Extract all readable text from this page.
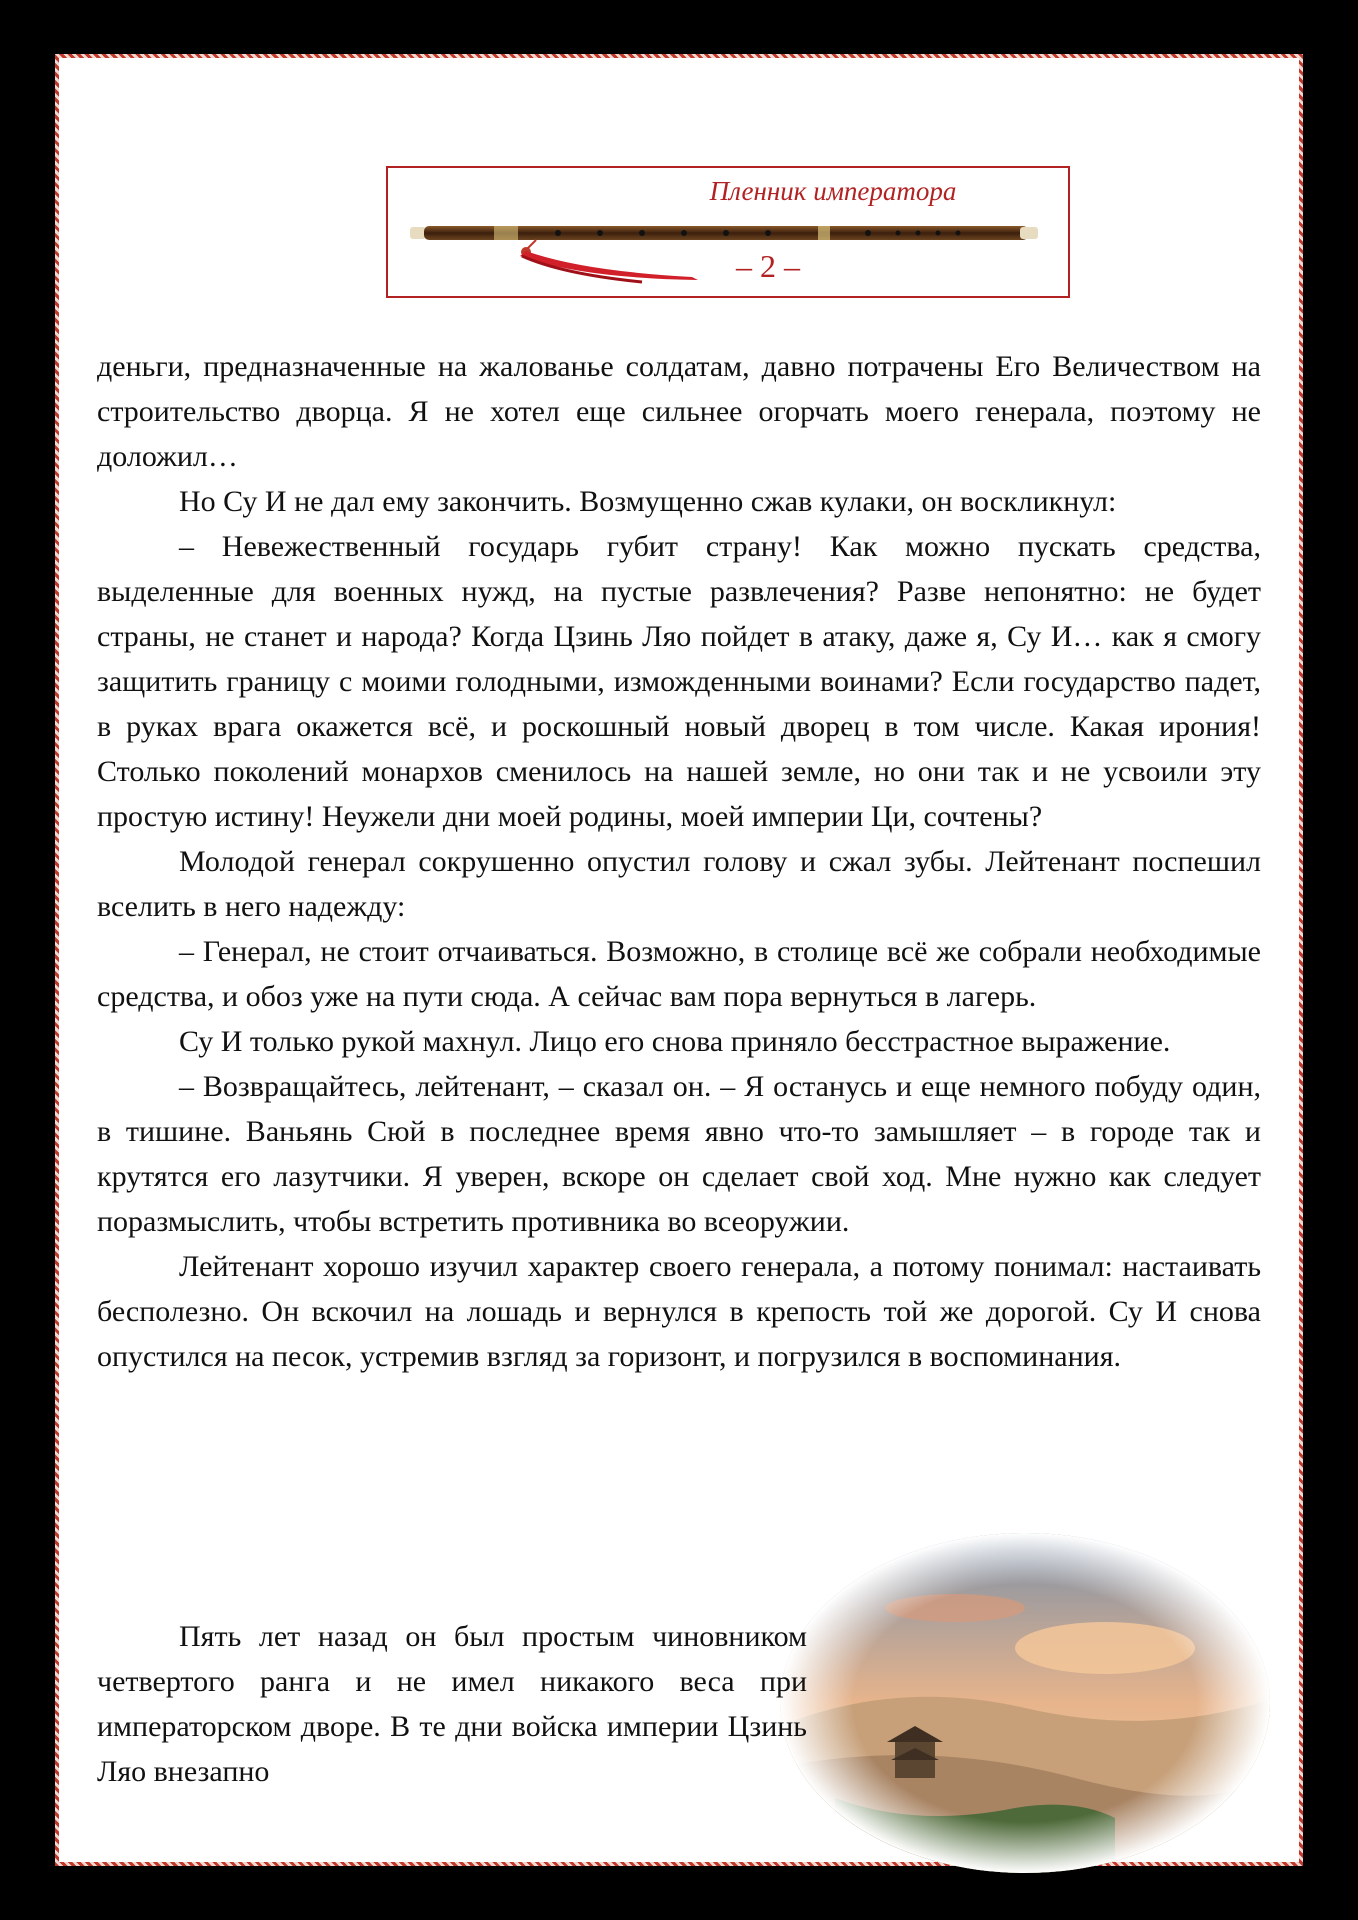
Пленник императора
– 2 –

деньги, предназначенные на жалованье солдатам, давно потрачены Его Величеством на строительство дворца. Я не хотел еще сильнее огорчать моего генерала, поэтому не доложил…

Но Су И не дал ему закончить. Возмущенно сжав кулаки, он воскликнул:

– Невежественный государь губит страну! Как можно пускать средства, выделенные для военных нужд, на пустые развлечения? Разве непонятно: не будет страны, не станет и народа? Когда Цзинь Ляо пойдет в атаку, даже я, Су И… как я смогу защитить границу с моими голодными, изможденными воинами? Если государство падет, в руках врага окажется всё, и роскошный новый дворец в том числе. Какая ирония! Столько поколений монархов сменилось на нашей земле, но они так и не усвоили эту простую истину! Неужели дни моей родины, моей империи Ци, сочтены?

Молодой генерал сокрушенно опустил голову и сжал зубы. Лейтенант поспешил вселить в него надежду:

– Генерал, не стоит отчаиваться. Возможно, в столице всё же собрали необходимые средства, и обоз уже на пути сюда. А сейчас вам пора вернуться в лагерь.

Су И только рукой махнул. Лицо его снова приняло бесстрастное выражение.

– Возвращайтесь, лейтенант, – сказал он. – Я останусь и еще немного побуду один, в тишине. Ваньянь Сюй в последнее время явно что-то замышляет – в городе так и крутятся его лазутчики. Я уверен, вскоре он сделает свой ход. Мне нужно как следует поразмыслить, чтобы встретить противника во всеоружии.

Лейтенант хорошо изучил характер своего генерала, а потому понимал: настаивать бесполезно. Он вскочил на лошадь и вернулся в крепость той же дорогой. Су И снова опустился на песок, устремив взгляд за горизонт, и погрузился в воспоминания.

Пять лет назад он был простым чиновником четвертого ранга и не имел никакого веса при императорском дворе. В те дни войска империи Цзинь Ляо внезапно
